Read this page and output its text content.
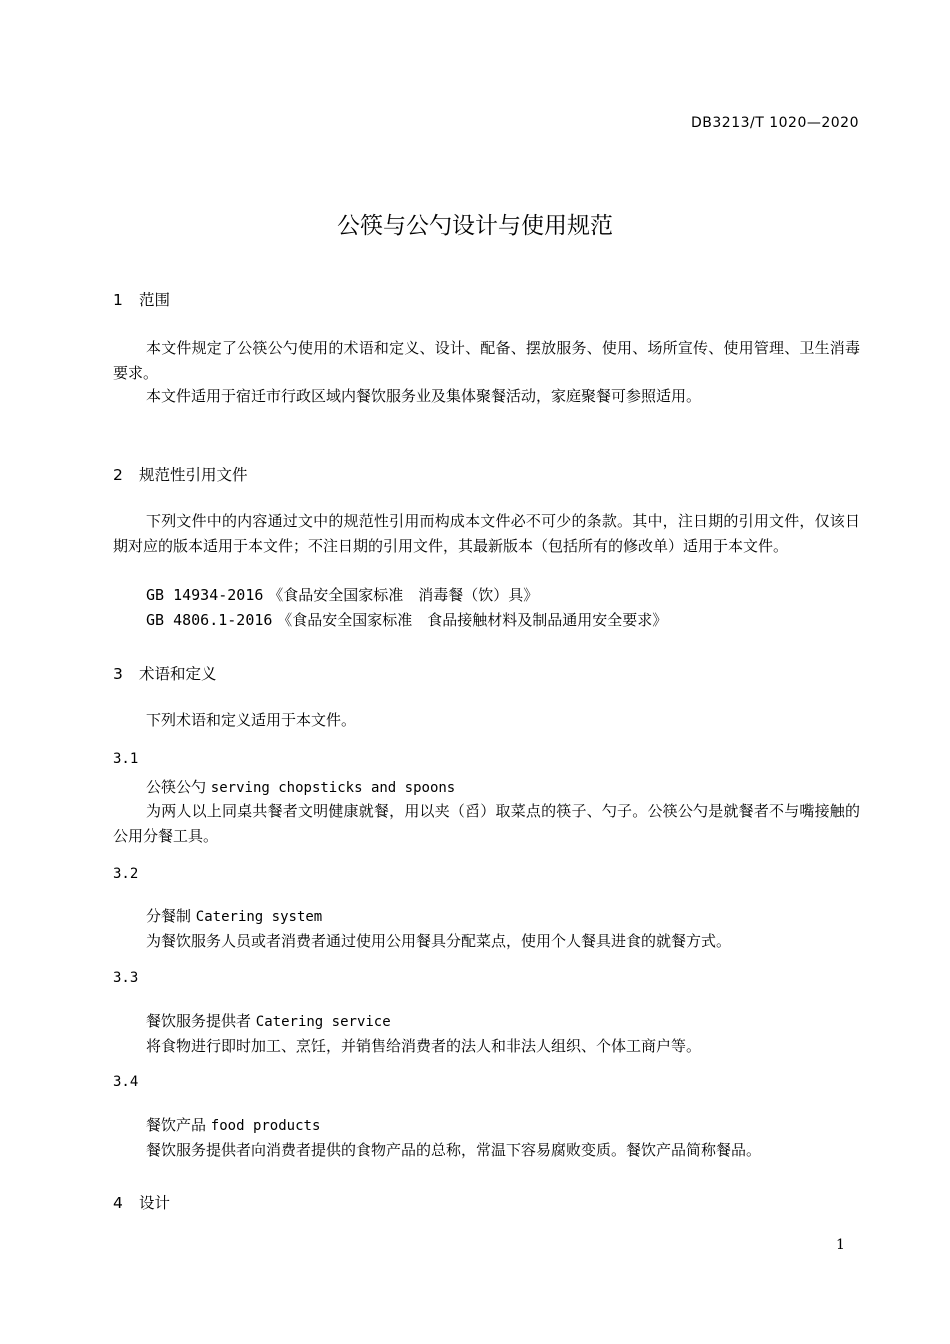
DB3213/T 1020—2020
公筷与公勺设计与使用规范
1 范围
本文件规定了公筷公勺使用的术语和定义、设计、配备、摆放服务、使用、场所宣传、使用管理、卫生消毒要求。
本文件适用于宿迁市行政区域内餐饮服务业及集体聚餐活动，家庭聚餐可参照适用。
2 规范性引用文件
下列文件中的内容通过文中的规范性引用而构成本文件必不可少的条款。其中，注日期的引用文件，仅该日期对应的版本适用于本文件；不注日期的引用文件，其最新版本（包括所有的修改单）适用于本文件。
GB 14934-2016 《食品安全国家标准　消毒餐（饮）具》
GB 4806.1-2016 《食品安全国家标准　食品接触材料及制品通用安全要求》
3 术语和定义
下列术语和定义适用于本文件。
3.1
公筷公勺 serving chopsticks and spoons
为两人以上同桌共餐者文明健康就餐，用以夹（舀）取菜点的筷子、勺子。公筷公勺是就餐者不与嘴接触的公用分餐工具。
3.2
分餐制 Catering system
为餐饮服务人员或者消费者通过使用公用餐具分配菜点，使用个人餐具进食的就餐方式。
3.3
餐饮服务提供者 Catering service
将食物进行即时加工、烹饪，并销售给消费者的法人和非法人组织、个体工商户等。
3.4
餐饮产品 food products
餐饮服务提供者向消费者提供的食物产品的总称，常温下容易腐败变质。餐饮产品简称餐品。
4 设计
1
